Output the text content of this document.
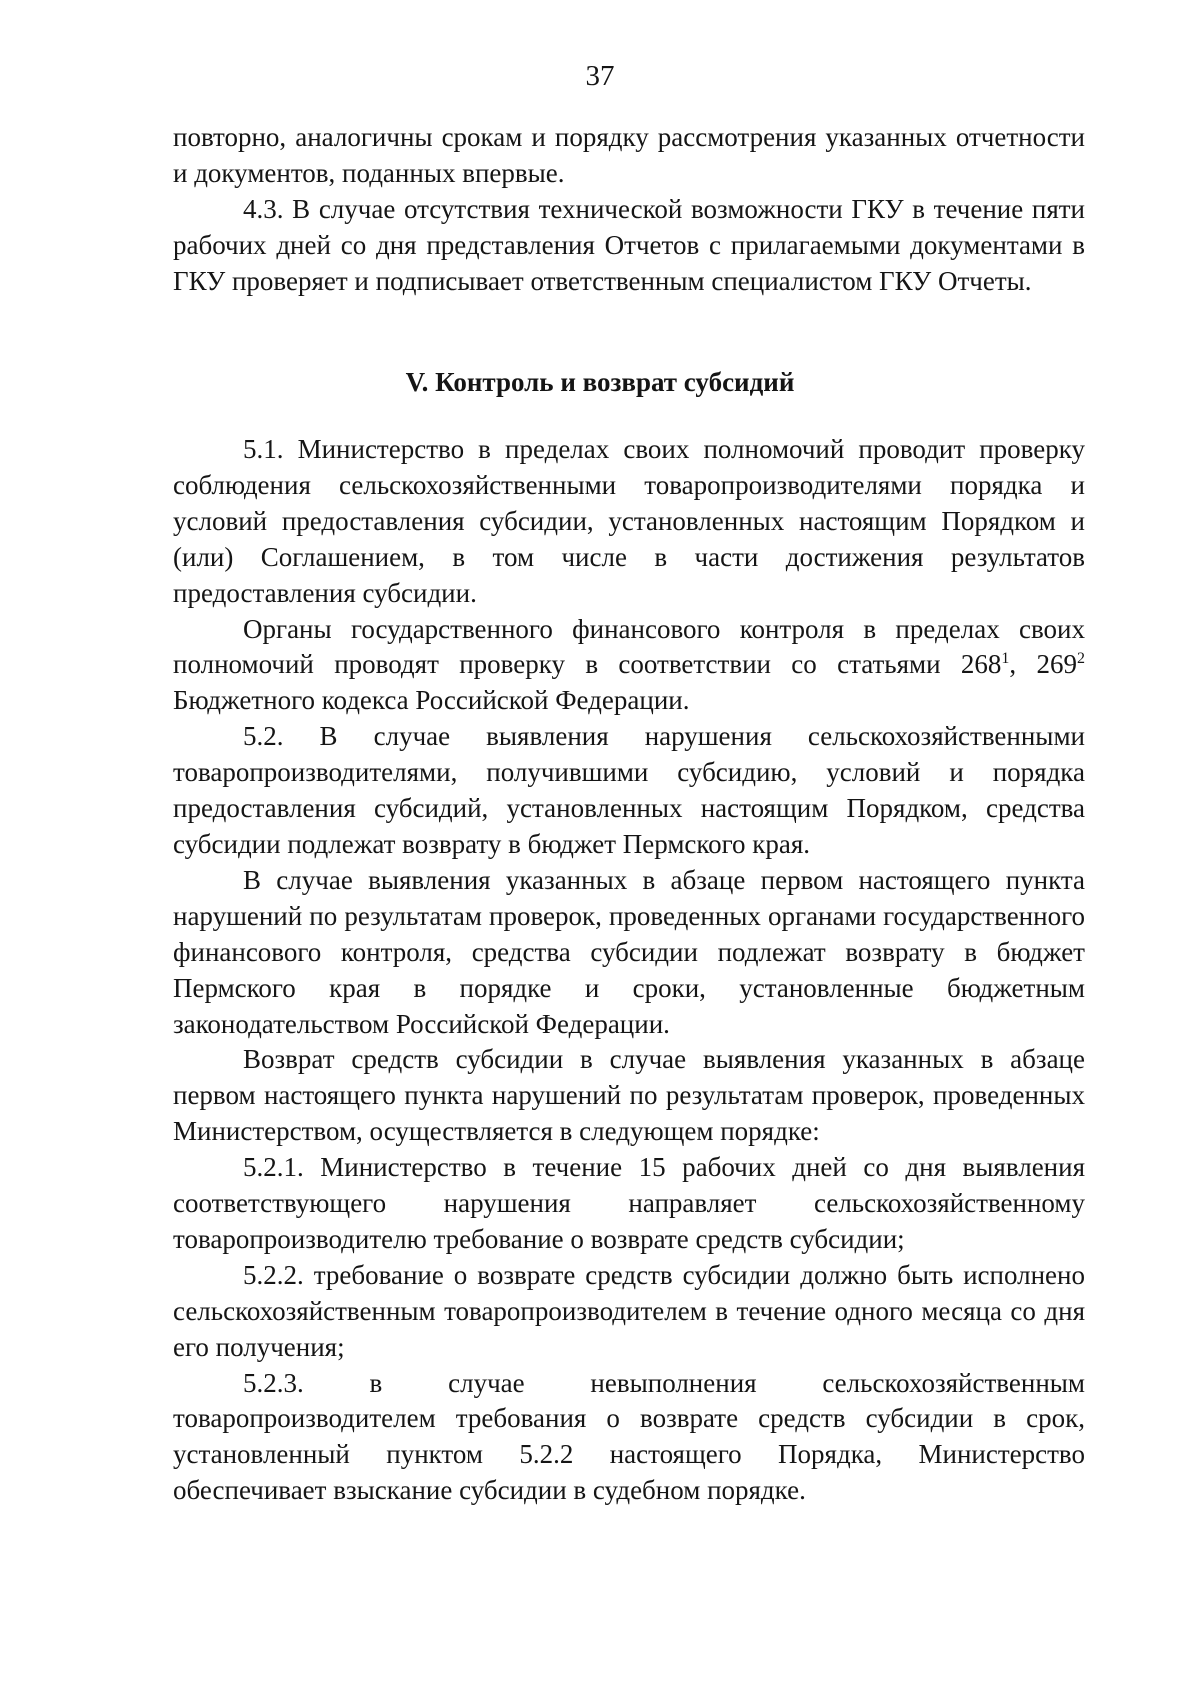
37

повторно, аналогичны срокам и порядку рассмотрения указанных отчетности и документов, поданных впервые.

4.3. В случае отсутствия технической возможности ГКУ в течение пяти рабочих дней со дня представления Отчетов с прилагаемыми документами в ГКУ проверяет и подписывает ответственным специалистом ГКУ Отчеты.

V. Контроль и возврат субсидий

5.1. Министерство в пределах своих полномочий проводит проверку соблюдения сельскохозяйственными товаропроизводителями порядка и условий предоставления субсидии, установленных настоящим Порядком и (или) Соглашением, в том числе в части достижения результатов предоставления субсидии.

Органы государственного финансового контроля в пределах своих полномочий проводят проверку в соответствии со статьями $268^1$, $269^2$ Бюджетного кодекса Российской Федерации.

5.2. В случае выявления нарушения сельскохозяйственными товаропроизводителями, получившими субсидию, условий и порядка предоставления субсидий, установленных настоящим Порядком, средства субсидии подлежат возврату в бюджет Пермского края.

В случае выявления указанных в абзаце первом настоящего пункта нарушений по результатам проверок, проведенных органами государственного финансового контроля, средства субсидии подлежат возврату в бюджет Пермского края в порядке и сроки, установленные бюджетным законодательством Российской Федерации.

Возврат средств субсидии в случае выявления указанных в абзаце первом настоящего пункта нарушений по результатам проверок, проведенных Министерством, осуществляется в следующем порядке:

5.2.1. Министерство в течение 15 рабочих дней со дня выявления соответствующего нарушения направляет сельскохозяйственному товаропроизводителю требование о возврате средств субсидии;

5.2.2. требование о возврате средств субсидии должно быть исполнено сельскохозяйственным товаропроизводителем в течение одного месяца со дня его получения;

5.2.3. в случае невыполнения сельскохозяйственным товаропроизводителем требования о возврате средств субсидии в срок, установленный пунктом 5.2.2 настоящего Порядка, Министерство обеспечивает взыскание субсидии в судебном порядке.
